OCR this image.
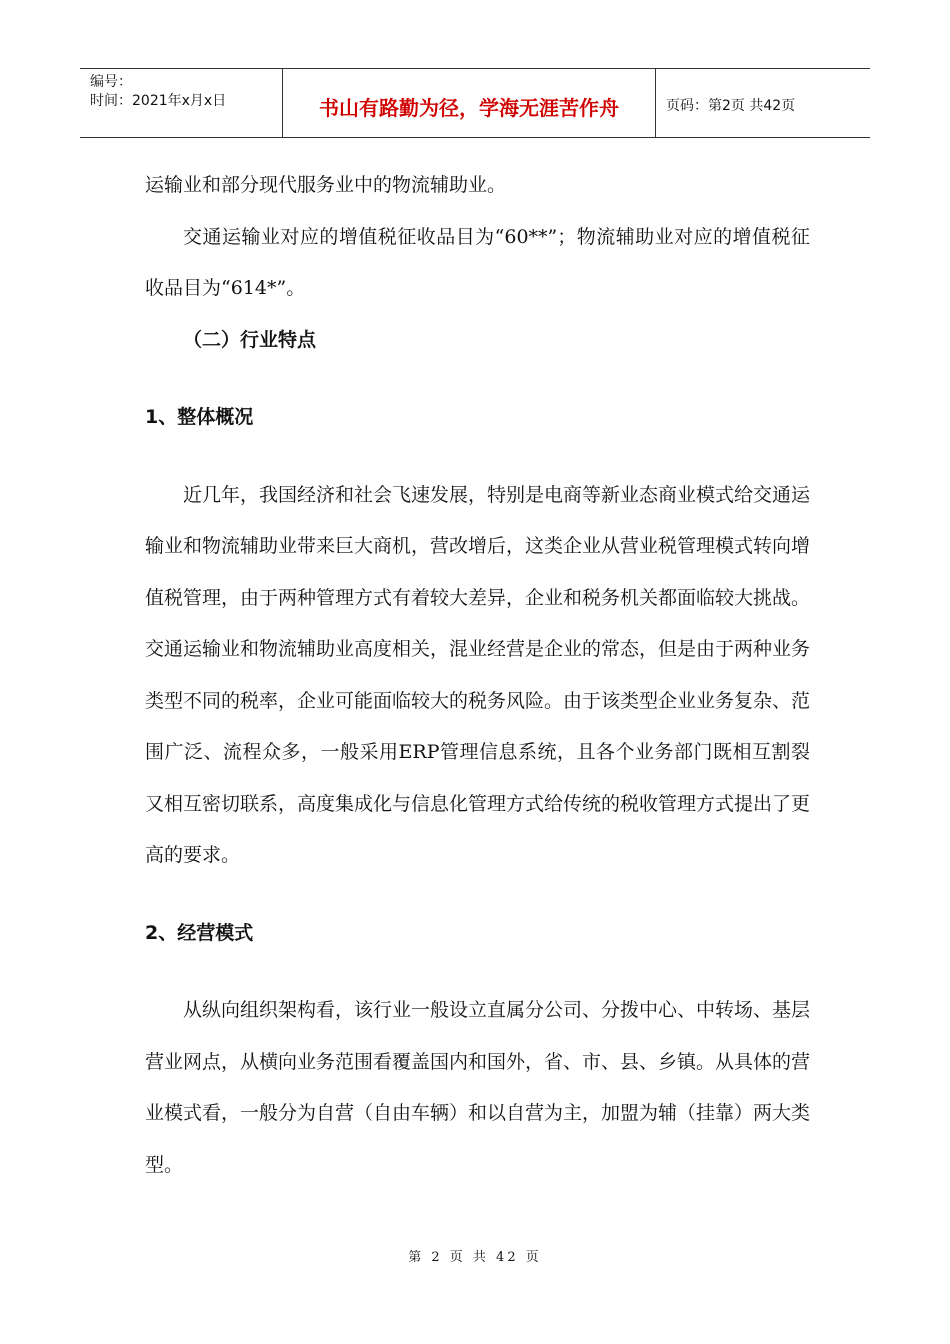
编号：
时间：2021年x月x日	书山有路勤为径，学海无涯苦作舟	页码：第2页 共42页

运输业和部分现代服务业中的物流辅助业。

交通运输业对应的增值税征收品目为“60**”；物流辅助业对应的增值税征收品目为“614*”。

（二）行业特点

1、整体概况

近几年，我国经济和社会飞速发展，特别是电商等新业态商业模式给交通运输业和物流辅助业带来巨大商机，营改增后，这类企业从营业税管理模式转向增值税管理，由于两种管理方式有着较大差异，企业和税务机关都面临较大挑战。交通运输业和物流辅助业高度相关，混业经营是企业的常态，但是由于两种业务类型不同的税率，企业可能面临较大的税务风险。由于该类型企业业务复杂、范围广泛、流程众多，一般采用ERP管理信息系统，且各个业务部门既相互割裂又相互密切联系，高度集成化与信息化管理方式给传统的税收管理方式提出了更高的要求。

2、经营模式

从纵向组织架构看，该行业一般设立直属分公司、分拨中心、中转场、基层营业网点，从横向业务范围看覆盖国内和国外，省、市、县、乡镇。从具体的营业模式看，一般分为自营（自由车辆）和以自营为主，加盟为辅（挂靠）两大类型。

第 2 页 共 42 页
